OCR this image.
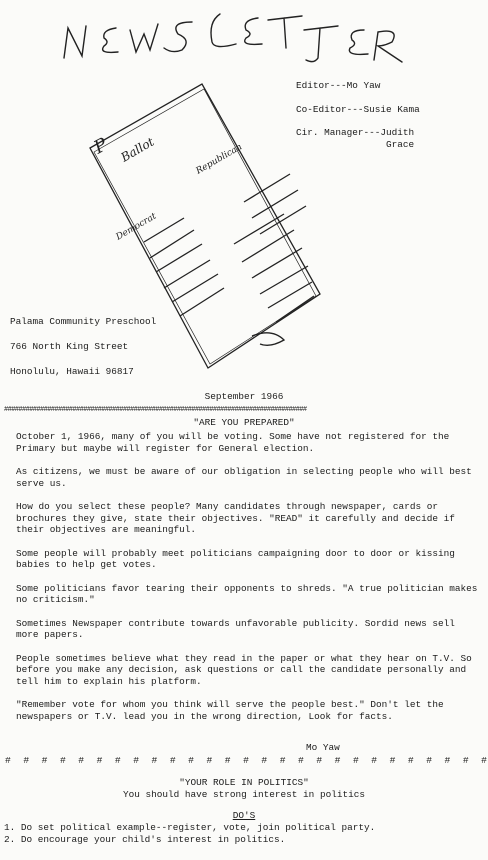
NEWSLETTER
P Ballot	Republican
Democrat
Editor---Mo Yaw
Co-Editor---Susie Kama
Cir. Manager---Judith
Grace
Palama Community Preschool
766 North King Street
Honolulu, Hawaii 96817
September 1966
####################################################################################
"ARE YOU PREPARED"

October 1, 1966, many of you will be voting. Some have not registered for the Primary but maybe will register for General election.

As citizens, we must be aware of our obligation in selecting people who will best serve us.

How do you select these people? Many candidates through newspaper, cards or brochures they give, state their objectives. "READ" it carefully and decide if their objectives are meaningful.

Some people will probably meet politicians campaigning door to door or kissing babies to help get votes.

Some politicians favor tearing their opponents to shreds. "A true politician makes no criticism."

Sometimes Newspaper contribute towards unfavorable publicity. Sordid news sell more papers.

People sometimes believe what they read in the paper or what they hear on T.V. So before you make any decision, ask questions or call the candidate personally and tell him to explain his platform.

"Remember vote for whom you think will serve the people best." Don't let the newspapers or T.V. lead you in the wrong direction, Look for facts.

Mo Yaw
# # # # # # # # # # # # # # # # # # # # # # # # # # #
"YOUR ROLE IN POLITICS"
You should have strong interest in politics
DO'S
1. Do set political example--register, vote, join political party.
2. Do encourage your child's interest in politics.
